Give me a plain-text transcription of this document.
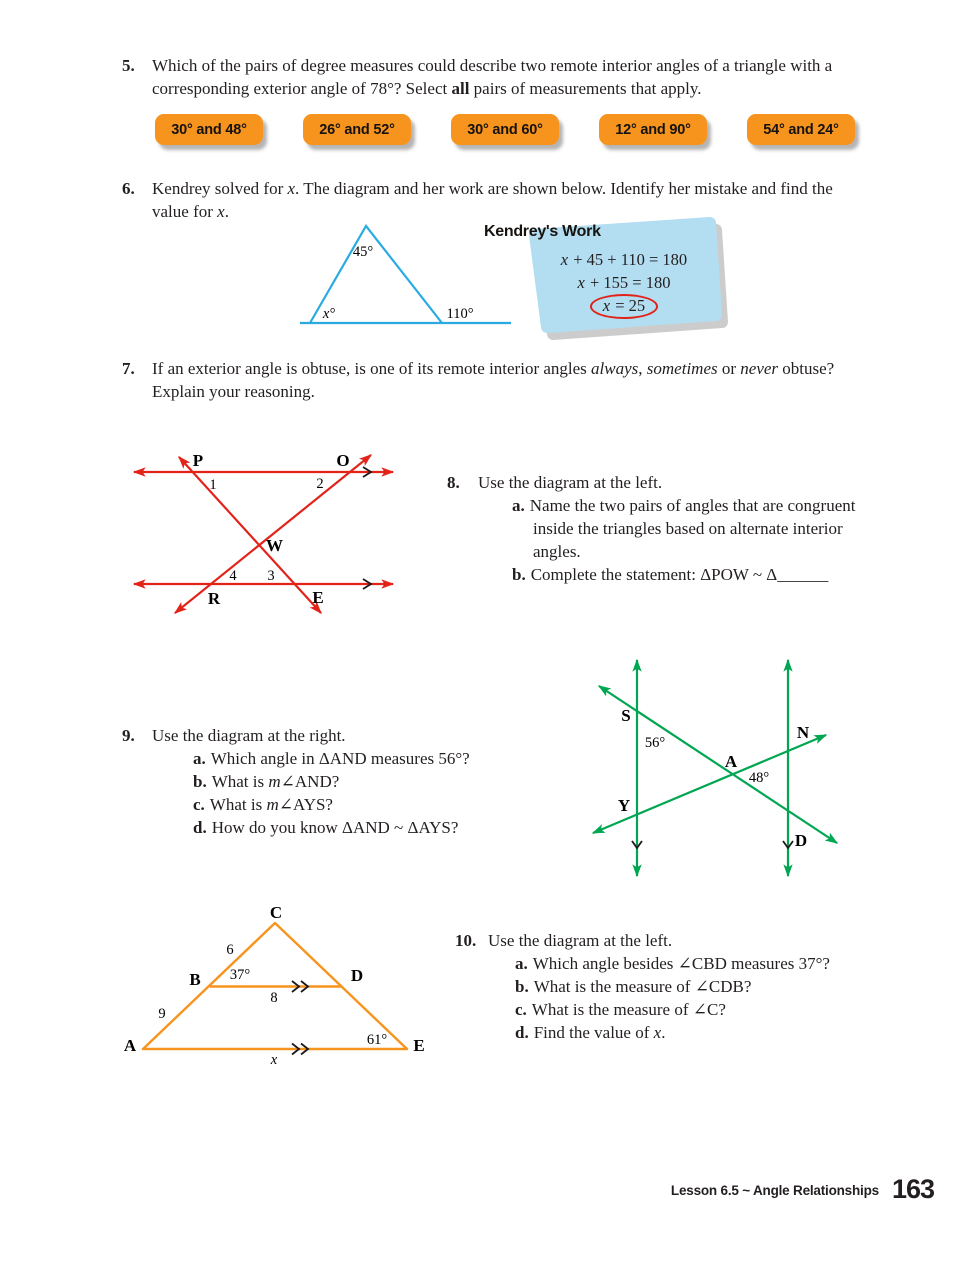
5. Which of the pairs of degree measures could describe two remote interior angles of a triangle with a
corresponding exterior angle of 78°? Select all pairs of measurements that apply.
30° and 48°	26° and 52°	30° and 60°	12° and 90°	54° and 24°
6. Kendrey solved for x. The diagram and her work are shown below. Identify her mistake and find the
value for x.
45°
x°	110°
Kendrey's Work
x + 45 + 110 = 180
x + 155 = 180
x = 25
7. If an exterior angle is obtuse, is one of its remote interior angles always, sometimes or never obtuse?
Explain your reasoning.
P	O
W
R	E
1	2
3
4
8. Use the diagram at the left.
a. Name the two pairs of angles that are congruent
inside the triangles based on alternate interior
angles.
b. Complete the statement: ΔPOW ~ Δ______
9. Use the diagram at the right.
a. Which angle in ΔAND measures 56°?
b. What is m∠AND?
c. What is m∠AYS?
d. How do you know ΔAND ~ ΔAYS?
S
56°
A
48°
N
Y
D
C
A	E
B	D
6
37°
8
9
61°
x
10. Use the diagram at the left.
a. Which angle besides ∠CBD measures 37°?
b. What is the measure of ∠CDB?
c. What is the measure of ∠C?
d. Find the value of x.
Lesson 6.5 ~ Angle Relationships 163
